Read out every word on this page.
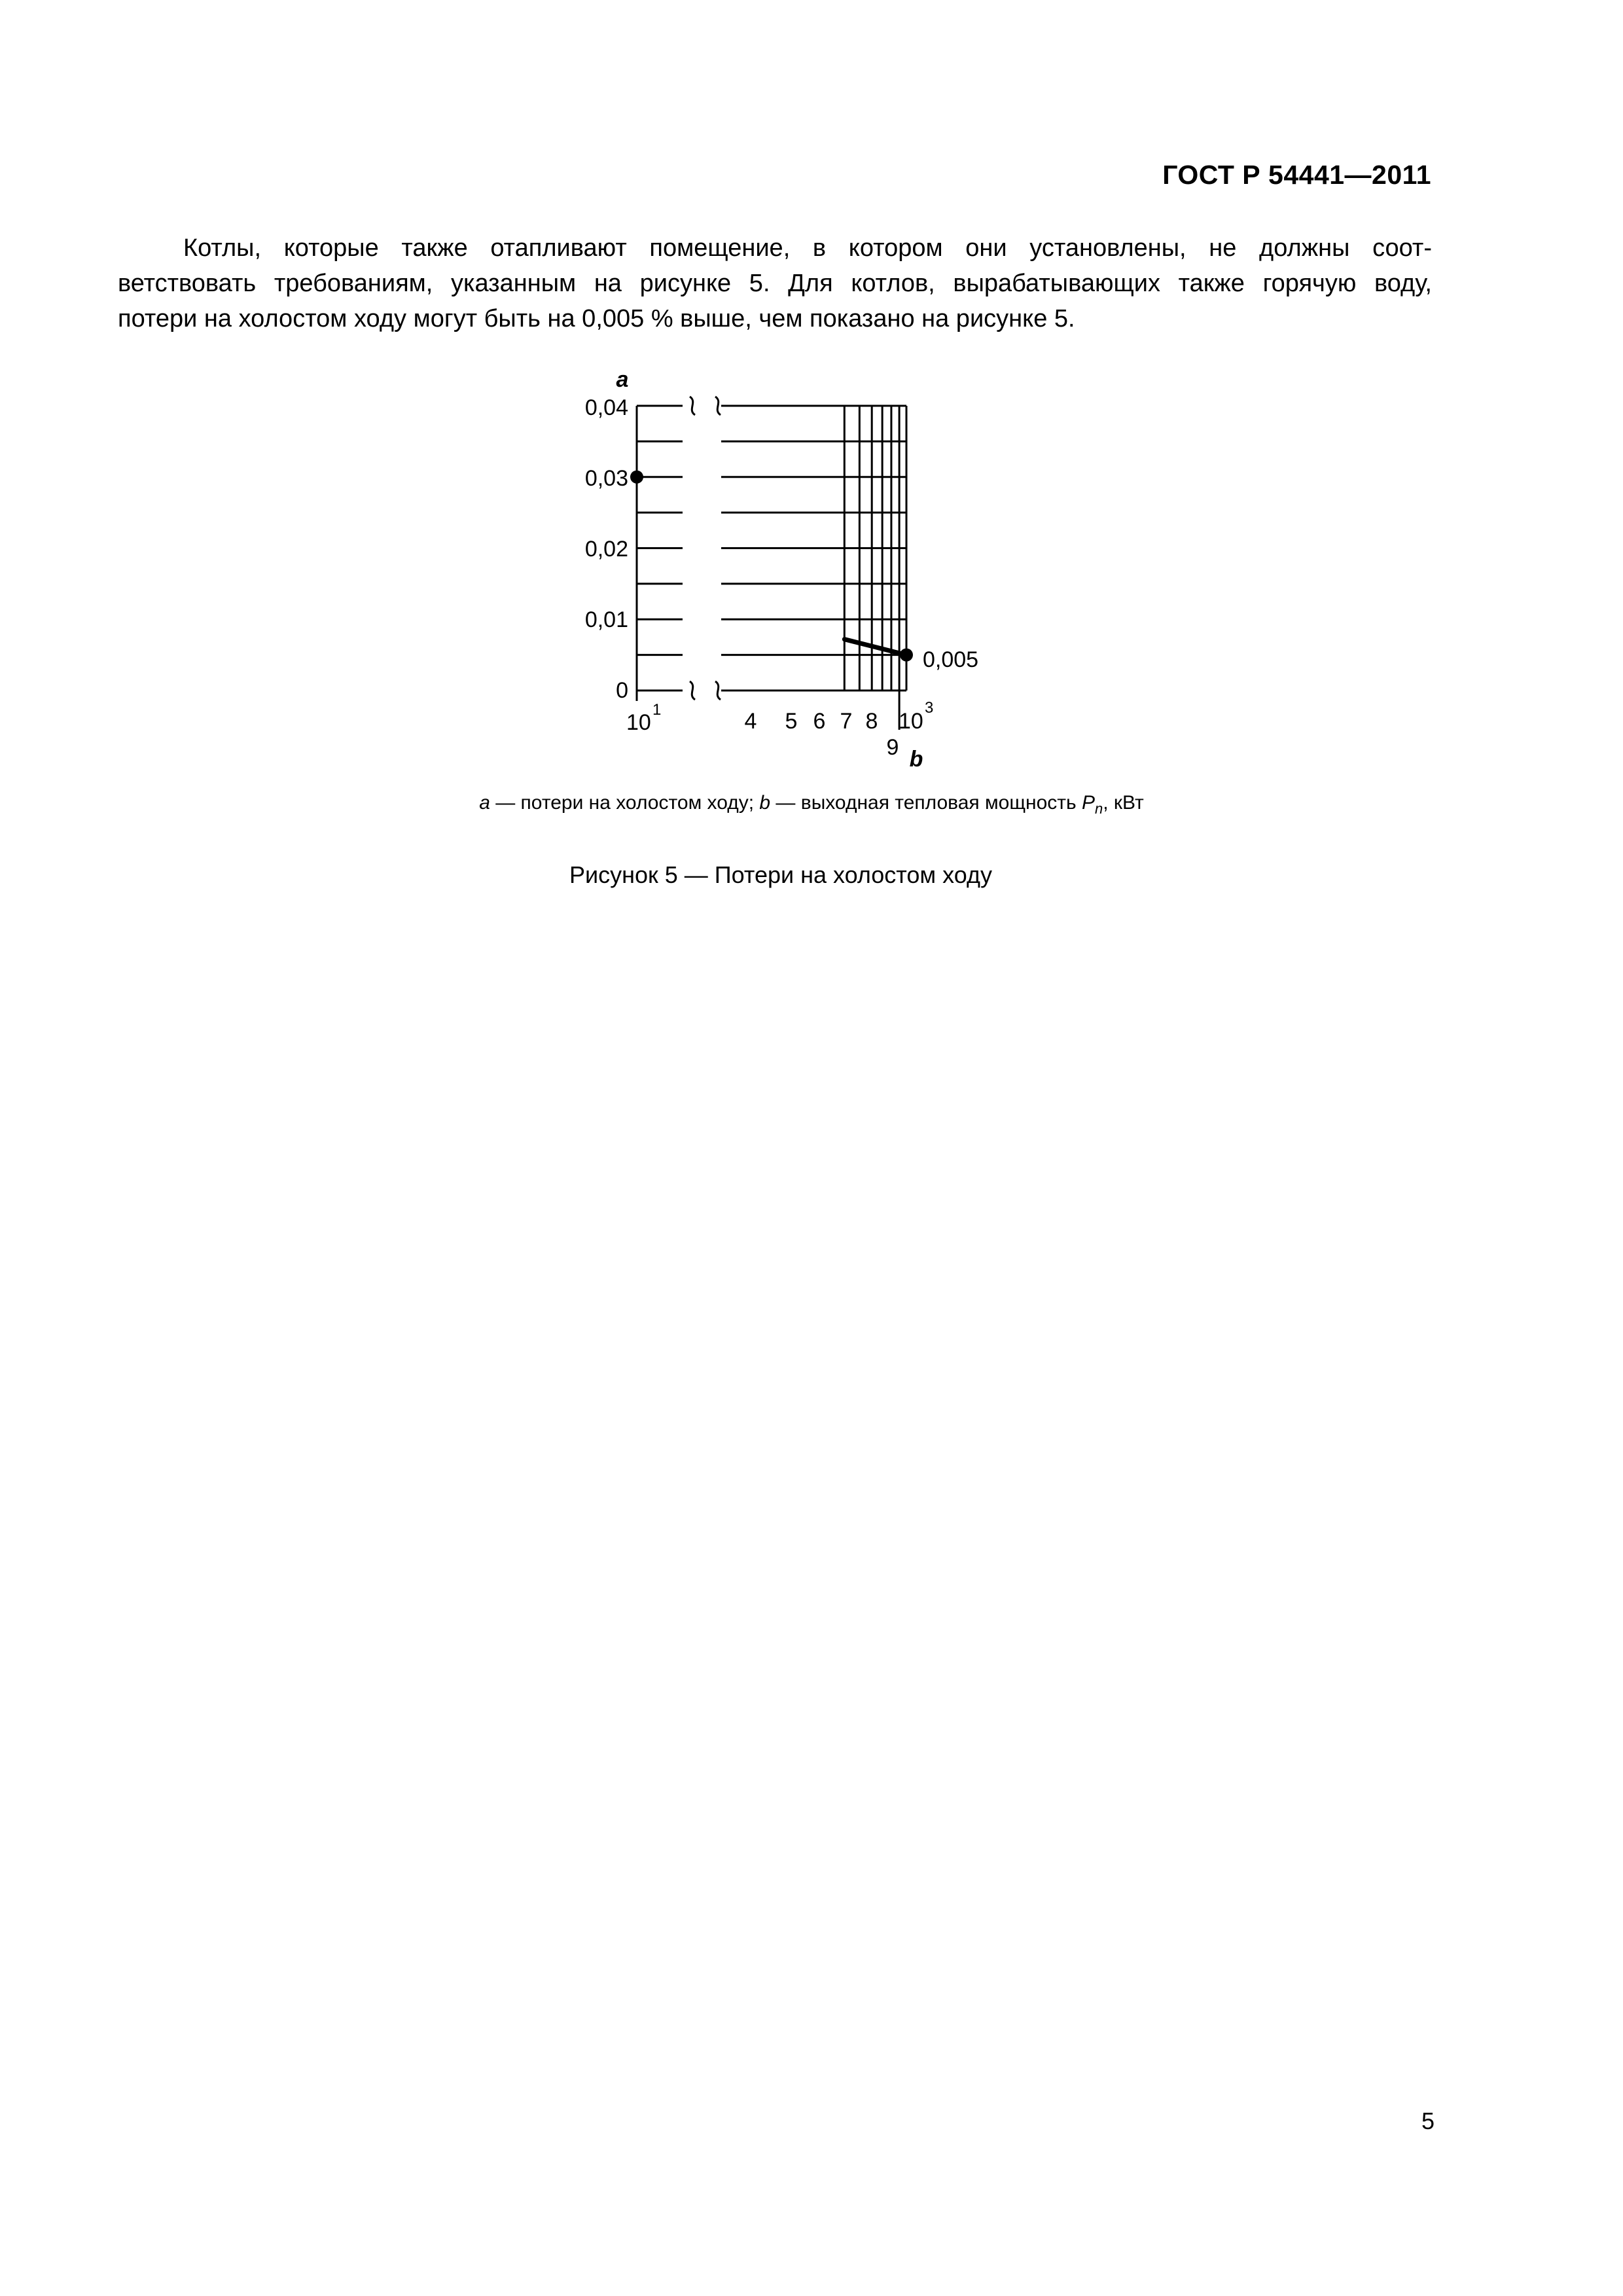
ГОСТ Р 54441—2011
Котлы, которые также отапливают помещение, в котором они установлены, не должны соот-
ветствовать требованиям, указанным на рисунке 5. Для котлов, вырабатывающих также горячую воду,
потери на холостом ходу могут быть на 0,005 % выше, чем показано на рисунке 5.
a
0,04
0,03
0,02
0,01
0
0,005
10
1	4 5 6 7 8
9
10
3
b
a — потери на холостом ходу; b — выходная тепловая мощность $P_n$, кВт
Рисунок 5 — Потери на холостом ходу
5
